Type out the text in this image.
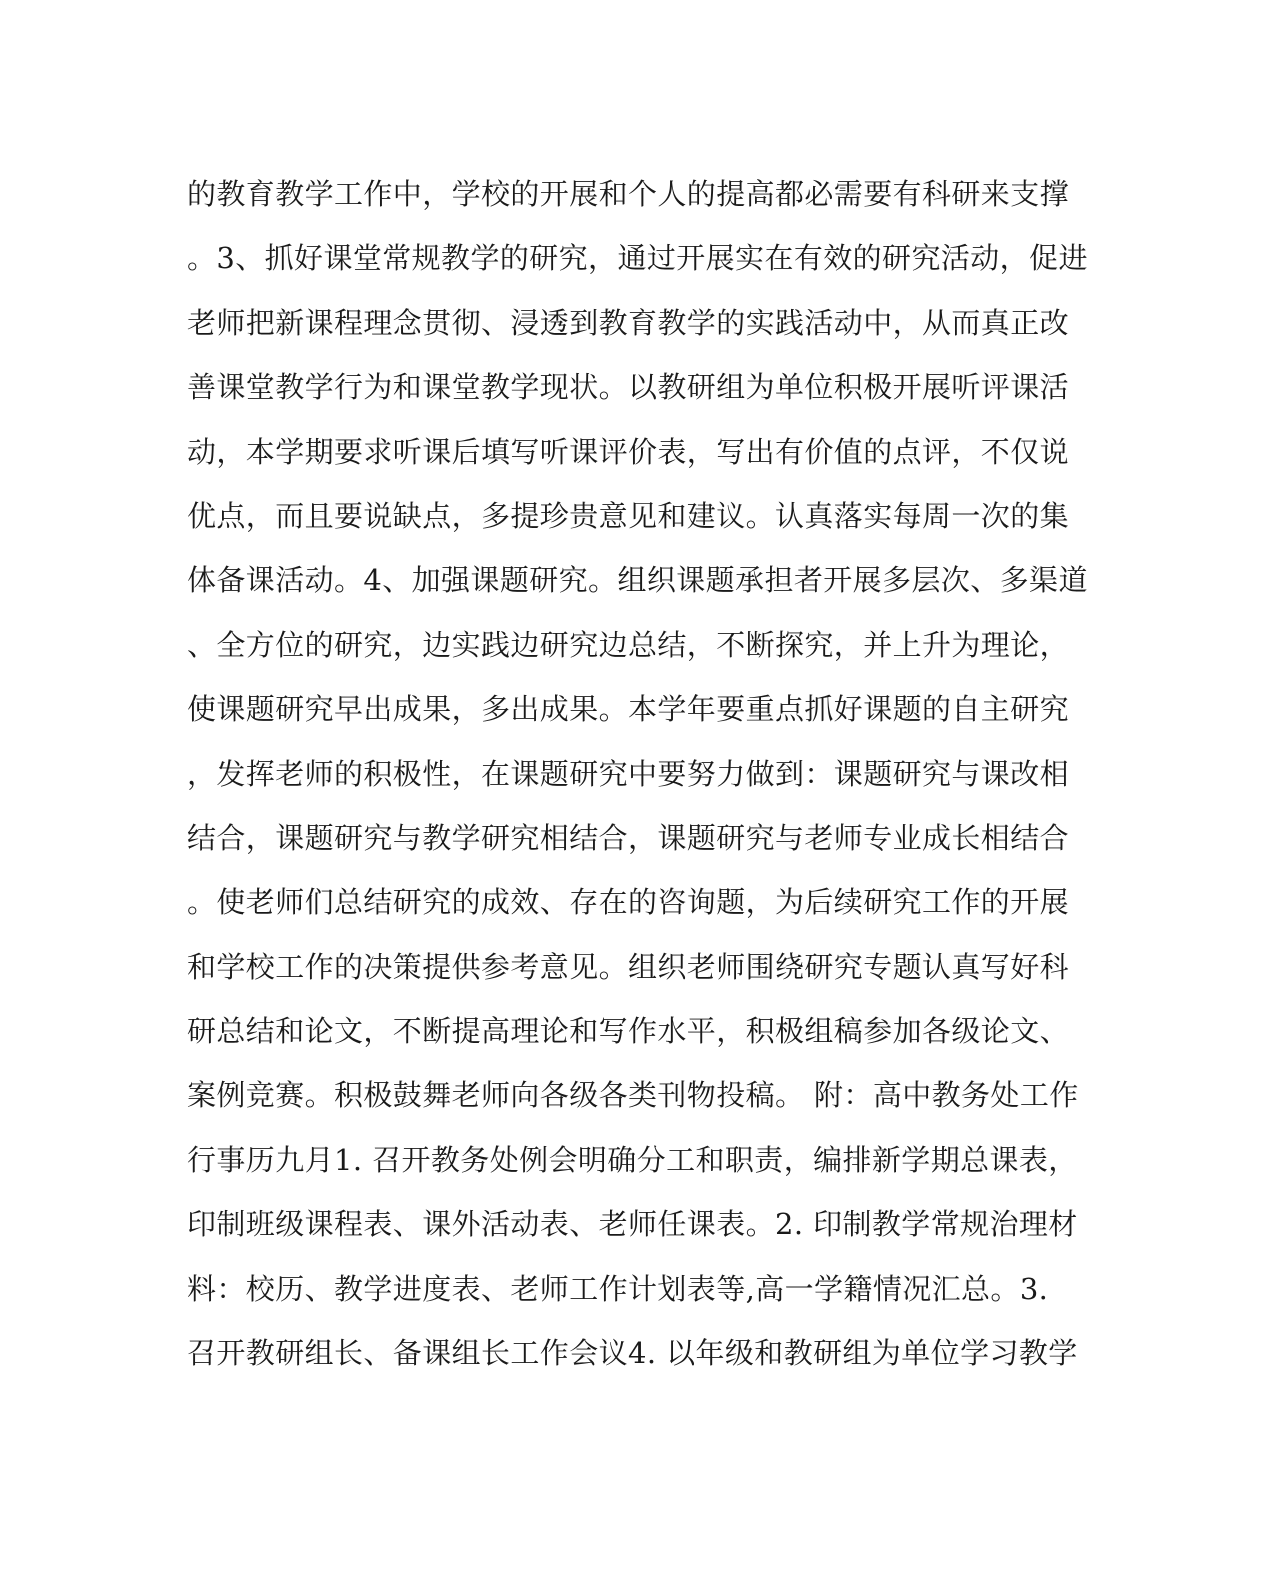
的教育教学工作中，学校的开展和个人的提高都必需要有科研来支撑
。3、抓好课堂常规教学的研究，通过开展实在有效的研究活动，促进
老师把新课程理念贯彻、浸透到教育教学的实践活动中，从而真正改
善课堂教学行为和课堂教学现状。以教研组为单位积极开展听评课活
动，本学期要求听课后填写听课评价表，写出有价值的点评，不仅说
优点，而且要说缺点，多提珍贵意见和建议。认真落实每周一次的集
体备课活动。4、加强课题研究。组织课题承担者开展多层次、多渠道
、全方位的研究，边实践边研究边总结，不断探究，并上升为理论，
使课题研究早出成果，多出成果。本学年要重点抓好课题的自主研究
，发挥老师的积极性，在课题研究中要努力做到：课题研究与课改相
结合，课题研究与教学研究相结合，课题研究与老师专业成长相结合
。使老师们总结研究的成效、存在的咨询题，为后续研究工作的开展
和学校工作的决策提供参考意见。组织老师围绕研究专题认真写好科
研总结和论文，不断提高理论和写作水平，积极组稿参加各级论文、
案例竞赛。积极鼓舞老师向各级各类刊物投稿。 附：高中教务处工作
行事历九月1. 召开教务处例会明确分工和职责，编排新学期总课表，
印制班级课程表、课外活动表、老师任课表。2. 印制教学常规治理材
料：校历、教学进度表、老师工作计划表等,高一学籍情况汇总。3.
召开教研组长、备课组长工作会议4. 以年级和教研组为单位学习教学
